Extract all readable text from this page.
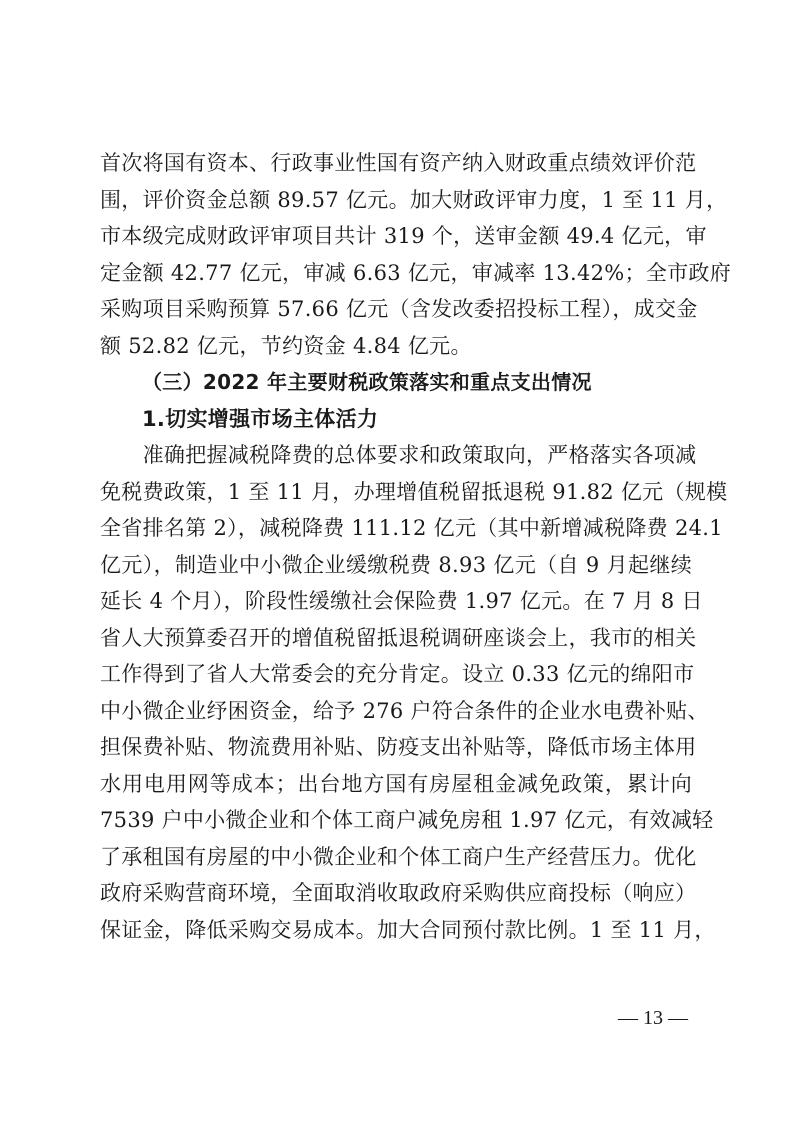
首次将国有资本、行政事业性国有资产纳入财政重点绩效评价范
围，评价资金总额 89.57 亿元。加大财政评审力度，1 至 11 月，
市本级完成财政评审项目共计 319 个，送审金额 49.4 亿元，审
定金额 42.77 亿元，审减 6.63 亿元，审减率 13.42%；全市政府
采购项目采购预算 57.66 亿元（含发改委招投标工程），成交金
额 52.82 亿元，节约资金 4.84 亿元。
（三）2022 年主要财税政策落实和重点支出情况
1.切实增强市场主体活力
　　准确把握减税降费的总体要求和政策取向，严格落实各项减
免税费政策，1 至 11 月，办理增值税留抵退税 91.82 亿元（规模
全省排名第 2），减税降费 111.12 亿元（其中新增减税降费 24.1
亿元），制造业中小微企业缓缴税费 8.93 亿元（自 9 月起继续
延长 4 个月），阶段性缓缴社会保险费 1.97 亿元。在 7 月 8 日
省人大预算委召开的增值税留抵退税调研座谈会上，我市的相关
工作得到了省人大常委会的充分肯定。设立 0.33 亿元的绵阳市
中小微企业纾困资金，给予 276 户符合条件的企业水电费补贴、
担保费补贴、物流费用补贴、防疫支出补贴等，降低市场主体用
水用电用网等成本；出台地方国有房屋租金减免政策，累计向
7539 户中小微企业和个体工商户减免房租 1.97 亿元，有效减轻
了承租国有房屋的中小微企业和个体工商户生产经营压力。优化
政府采购营商环境，全面取消收取政府采购供应商投标（响应）
保证金，降低采购交易成本。加大合同预付款比例。1 至 11 月，
— 13 —
